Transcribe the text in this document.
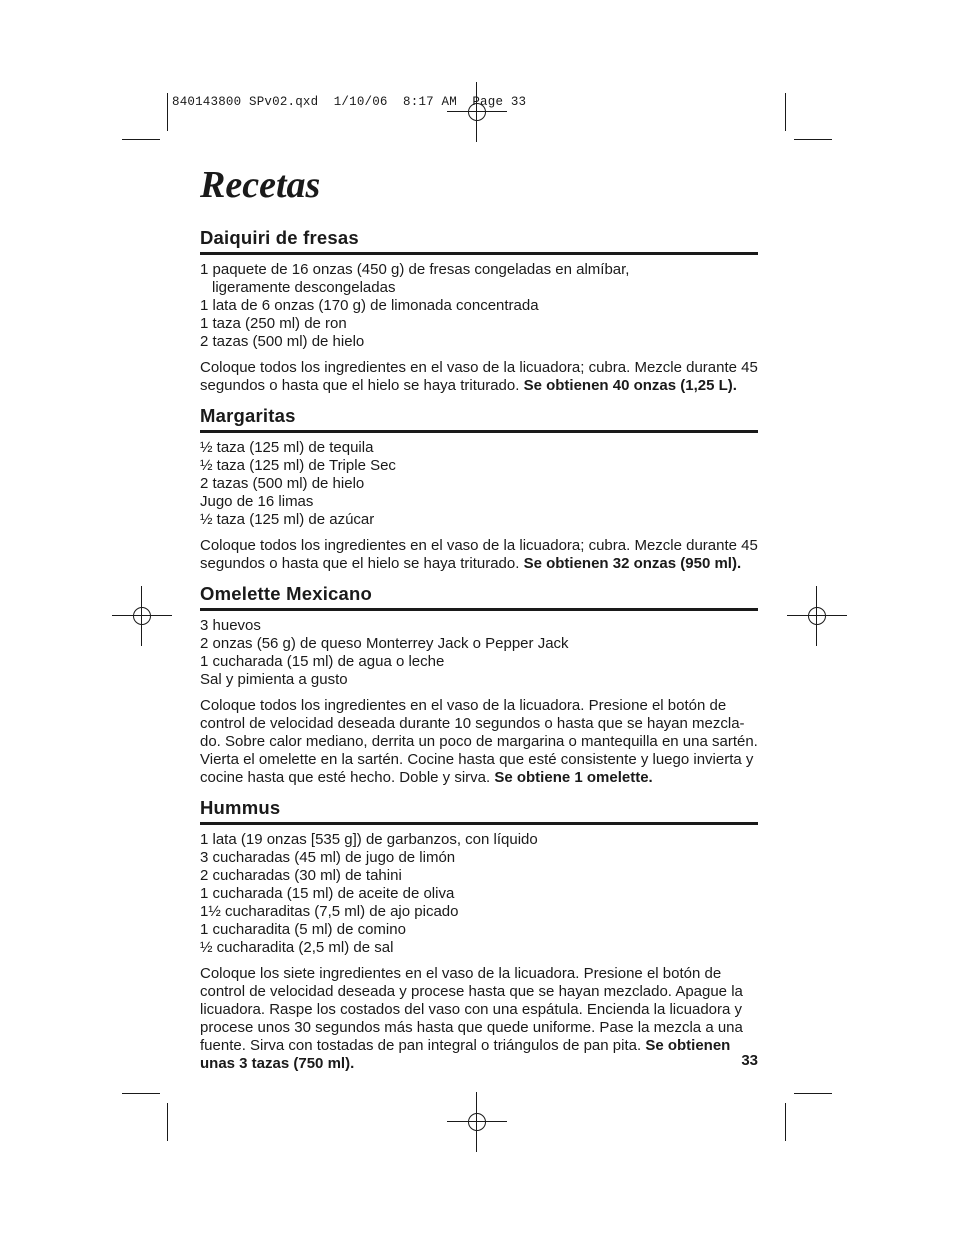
840143800 SPv02.qxd  1/10/06  8:17 AM  Page 33
Recetas
Daiquiri de fresas
1 paquete de 16 onzas (450 g) de fresas congeladas en almíbar,
ligeramente descongeladas
1 lata de 6 onzas (170 g) de limonada concentrada
1 taza (250 ml) de ron
2 tazas (500 ml) de hielo

Coloque todos los ingredientes en el vaso de la licuadora; cubra. Mezcle durante 45 segundos o hasta que el hielo se haya triturado. Se obtienen 40 onzas (1,25 L).

Margaritas
½ taza (125 ml) de tequila
½ taza (125 ml) de Triple Sec
2 tazas (500 ml) de hielo
Jugo de 16 limas
½ taza (125 ml) de azúcar

Coloque todos los ingredientes en el vaso de la licuadora; cubra. Mezcle durante 45 segundos o hasta que el hielo se haya triturado. Se obtienen 32 onzas (950 ml).

Omelette Mexicano
3 huevos
2 onzas (56 g) de queso Monterrey Jack o Pepper Jack
1 cucharada (15 ml) de agua o leche
Sal y pimienta a gusto

Coloque todos los ingredientes en el vaso de la licuadora. Presione el botón de control de velocidad deseada durante 10 segundos o hasta que se hayan mezcla-do. Sobre calor mediano, derrita un poco de margarina o mantequilla en una sartén. Vierta el omelette en la sartén. Cocine hasta que esté consistente y luego invierta y cocine hasta que esté hecho. Doble y sirva. Se obtiene 1 omelette.

Hummus
1 lata (19 onzas [535 g]) de garbanzos, con líquido
3 cucharadas (45 ml) de jugo de limón
2 cucharadas (30 ml) de tahini
1 cucharada (15 ml) de aceite de oliva
1½ cucharaditas (7,5 ml) de ajo picado
1 cucharadita (5 ml) de comino
½ cucharadita (2,5 ml) de sal

Coloque los siete ingredientes en el vaso de la licuadora. Presione el botón de control de velocidad deseada y procese hasta que se hayan mezclado. Apague la licuadora. Raspe los costados del vaso con una espátula. Encienda la licuadora y procese unos 30 segundos más hasta que quede uniforme. Pase la mezcla a una fuente. Sirva con tostadas de pan integral o triángulos de pan pita. Se obtienen unas 3 tazas (750 ml).	33
